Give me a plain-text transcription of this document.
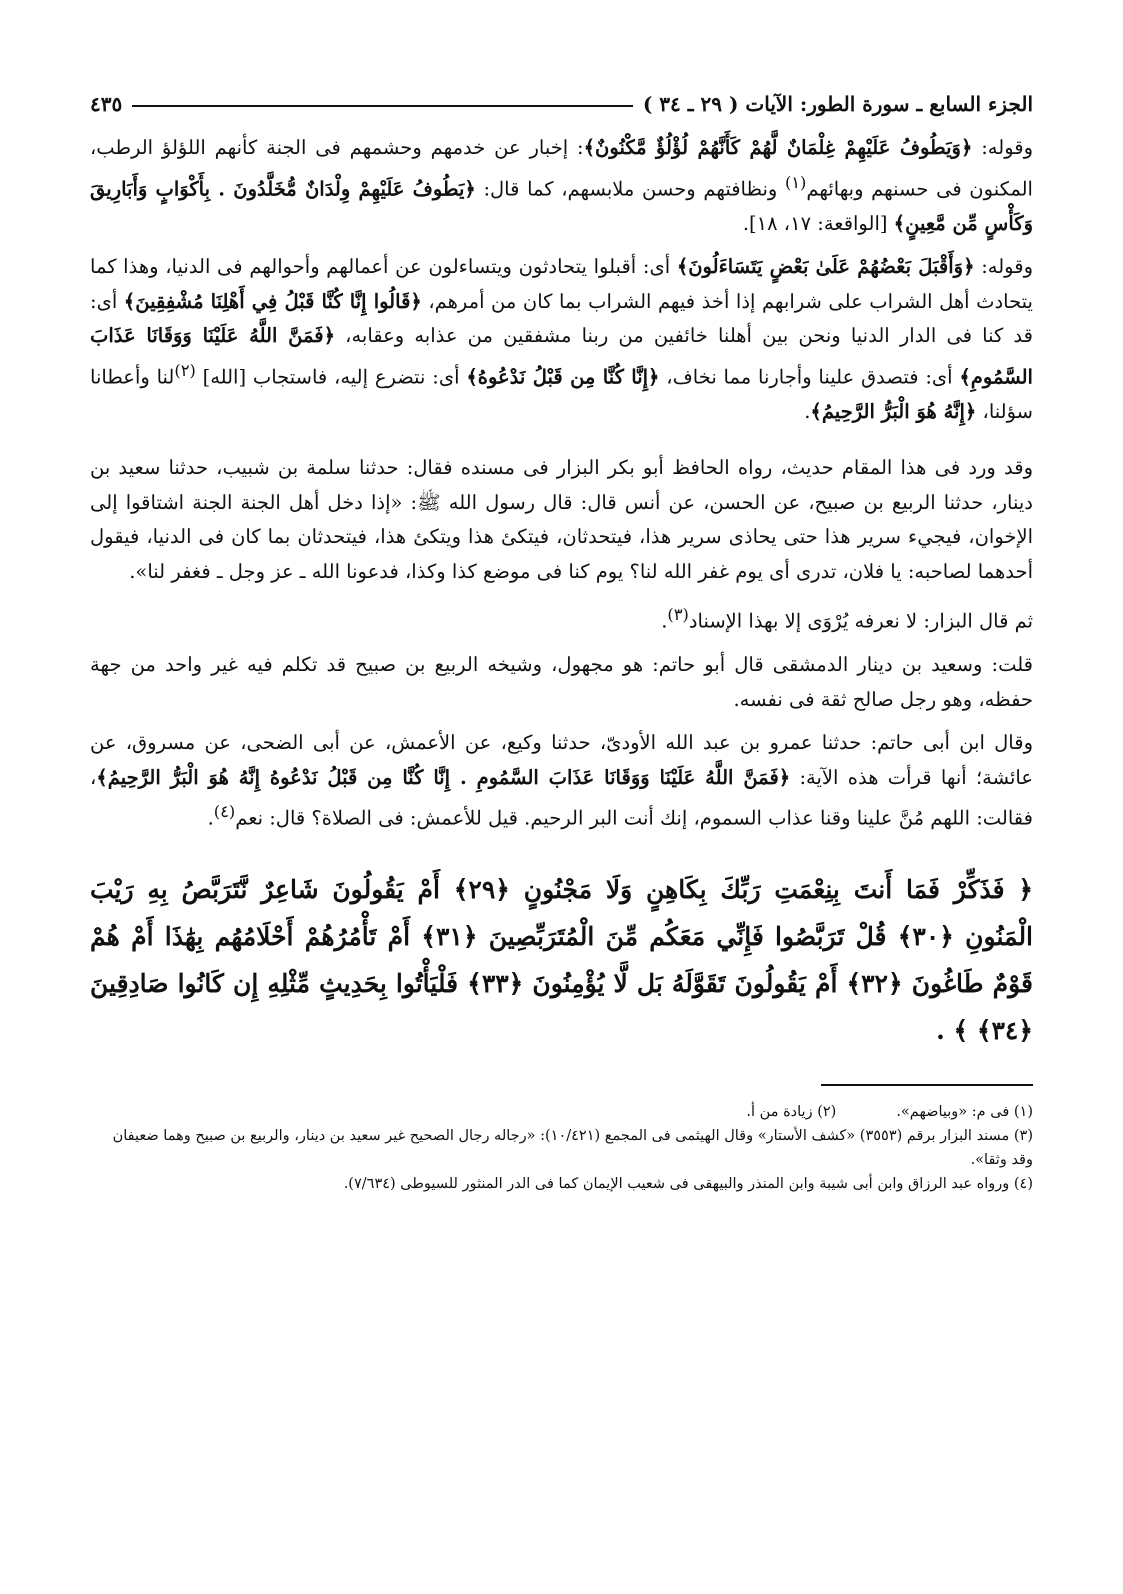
الجزء السابع ـ سورة الطور: الآيات ( ٢٩ ـ ٣٤ )
٤٣٥

وقوله: ﴿وَيَطُوفُ عَلَيْهِمْ غِلْمَانٌ لَّهُمْ كَأَنَّهُمْ لُؤْلُؤٌ مَّكْنُونٌ﴾: إخبار عن خدمهم وحشمهم فى الجنة كأنهم اللؤلؤ الرطب، المكنون فى حسنهم وبهائهم$^{(١)}$ ونظافتهم وحسن ملابسهم، كما قال: ﴿يَطُوفُ عَلَيْهِمْ وِلْدَانٌ مُّخَلَّدُونَ . بِأَكْوَابٍ وَأَبَارِيقَ وَكَأْسٍ مِّن مَّعِينٍ﴾ [الواقعة: ١٧، ١٨].

وقوله: ﴿وَأَقْبَلَ بَعْضُهُمْ عَلَىٰ بَعْضٍ يَتَسَاءَلُونَ﴾ أى: أقبلوا يتحادثون ويتساءلون عن أعمالهم وأحوالهم فى الدنيا، وهذا كما يتحادث أهل الشراب على شرابهم إذا أخذ فيهم الشراب بما كان من أمرهم، ﴿قَالُوا إِنَّا كُنَّا قَبْلُ فِي أَهْلِنَا مُشْفِقِينَ﴾ أى: قد كنا فى الدار الدنيا ونحن بين أهلنا خائفين من ربنا مشفقين من عذابه وعقابه، ﴿فَمَنَّ اللَّهُ عَلَيْنَا وَوَقَانَا عَذَابَ السَّمُومِ﴾ أى: فتصدق علينا وأجارنا مما نخاف، ﴿إِنَّا كُنَّا مِن قَبْلُ نَدْعُوهُ﴾ أى: نتضرع إليه، فاستجاب [الله] $^{(٢)}$لنا وأعطانا سؤلنا، ﴿إِنَّهُ هُوَ الْبَرُّ الرَّحِيمُ﴾.

وقد ورد فى هذا المقام حديث، رواه الحافظ أبو بكر البزار فى مسنده فقال: حدثنا سلمة بن شبيب، حدثنا سعيد بن دينار، حدثنا الربيع بن صبيح، عن الحسن، عن أنس قال: قال رسول الله ﷺ: «إذا دخل أهل الجنة الجنة اشتاقوا إلى الإخوان، فيجيء سرير هذا حتى يحاذى سرير هذا، فيتحدثان، فيتكئ هذا ويتكئ هذا، فيتحدثان بما كان فى الدنيا، فيقول أحدهما لصاحبه: يا فلان، تدرى أى يوم غفر الله لنا؟ يوم كنا فى موضع كذا وكذا، فدعونا الله ـ عز وجل ـ فغفر لنا».

ثم قال البزار: لا نعرفه يُرْوَى إلا بهذا الإسناد$^{(٣)}$.

قلت: وسعيد بن دينار الدمشقى قال أبو حاتم: هو مجهول، وشيخه الربيع بن صبيح قد تكلم فيه غير واحد من جهة حفظه، وهو رجل صالح ثقة فى نفسه.

وقال ابن أبى حاتم: حدثنا عمرو بن عبد الله الأودىّ، حدثنا وكيع، عن الأعمش، عن أبى الضحى، عن مسروق، عن عائشة؛ أنها قرأت هذه الآية: ﴿فَمَنَّ اللَّهُ عَلَيْنَا وَوَقَانَا عَذَابَ السَّمُومِ . إِنَّا كُنَّا مِن قَبْلُ نَدْعُوهُ إِنَّهُ هُوَ الْبَرُّ الرَّحِيمُ﴾، فقالت: اللهم مُنَّ علينا وقنا عذاب السموم، إنك أنت البر الرحيم. قيل للأعمش: فى الصلاة؟ قال: نعم$^{(٤)}$.

﴿ فَذَكِّرْ فَمَا أَنتَ بِنِعْمَتِ رَبِّكَ بِكَاهِنٍ وَلَا مَجْنُونٍ ﴿٢٩﴾ أَمْ يَقُولُونَ شَاعِرٌ نَّتَرَبَّصُ بِهِ رَيْبَ الْمَنُونِ ﴿٣٠﴾ قُلْ تَرَبَّصُوا فَإِنِّي مَعَكُم مِّنَ الْمُتَرَبِّصِينَ ﴿٣١﴾ أَمْ تَأْمُرُهُمْ أَحْلَامُهُم بِهَٰذَا أَمْ هُمْ قَوْمٌ طَاغُونَ ﴿٣٢﴾ أَمْ يَقُولُونَ تَقَوَّلَهُ بَل لَّا يُؤْمِنُونَ ﴿٣٣﴾ فَلْيَأْتُوا بِحَدِيثٍ مِّثْلِهِ إِن كَانُوا صَادِقِينَ ﴿٣٤﴾ ﴾ .

(١) فى م: «وبياضهم».(٢) زيادة من أ.

(٣) مسند البزار برقم (٣٥٥٣) «كشف الأستار» وقال الهيثمى فى المجمع (١٠/٤٢١): «رجاله رجال الصحيح غير سعيد بن دينار، والربيع بن صبيح وهما ضعيفان وقد وثقا».

(٤) ورواه عبد الرزاق وابن أبى شيبة وابن المنذر والبيهقى فى شعيب الإيمان كما فى الدر المنثور للسيوطى (٧/٦٣٤).
